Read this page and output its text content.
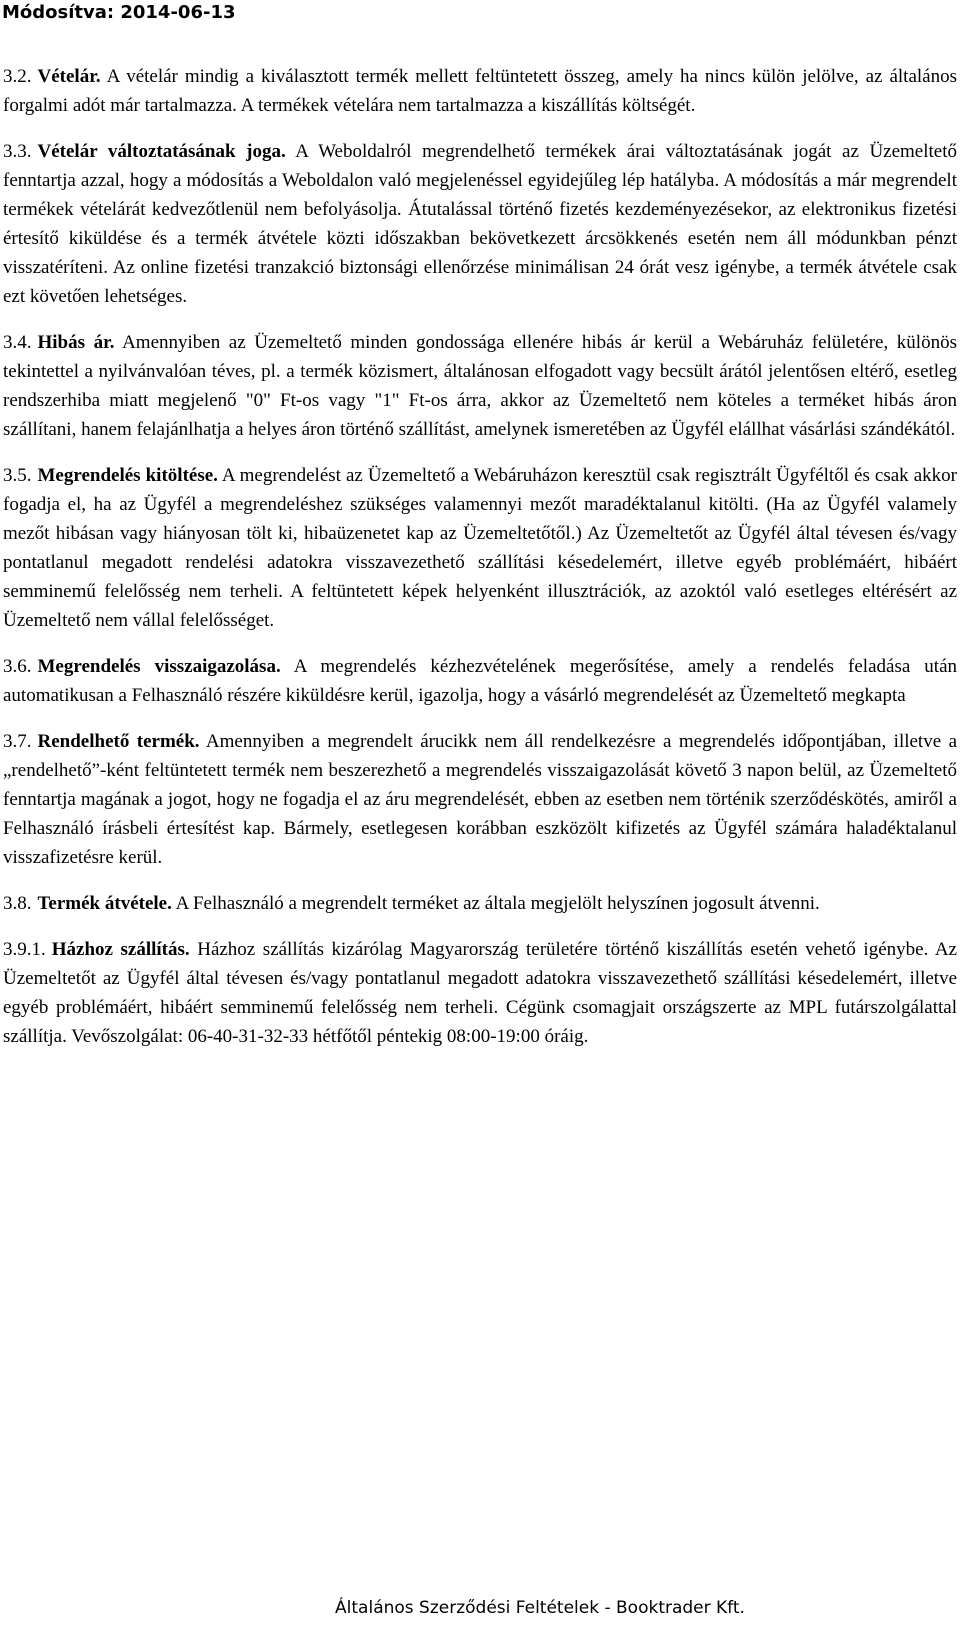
Módosítva: 2014-06-13

3.2. Vételár. A vételár mindig a kiválasztott termék mellett feltüntetett összeg, amely ha nincs külön jelölve, az általános forgalmi adót már tartalmazza. A termékek vételára nem tartalmazza a kiszállítás költségét.

3.3. Vételár változtatásának joga. A Weboldalról megrendelhető termékek árai változtatásának jogát az Üzemeltető fenntartja azzal, hogy a módosítás a Weboldalon való megjelenéssel egyidejűleg lép hatályba. A módosítás a már megrendelt termékek vételárát kedvezőtlenül nem befolyásolja. Átutalással történő fizetés kezdeményezésekor, az elektronikus fizetési értesítő kiküldése és a termék átvétele közti időszakban bekövetkezett árcsökkenés esetén nem áll módunkban pénzt visszatéríteni. Az online fizetési tranzakció biztonsági ellenőrzése minimálisan 24 órát vesz igénybe, a termék átvétele csak ezt követően lehetséges.

3.4. Hibás ár. Amennyiben az Üzemeltető minden gondossága ellenére hibás ár kerül a Webáruház felületére, különös tekintettel a nyilvánvalóan téves, pl. a termék közismert, általánosan elfogadott vagy becsült árától jelentősen eltérő, esetleg rendszerhiba miatt megjelenő "0" Ft-os vagy "1" Ft-os árra, akkor az Üzemeltető nem köteles a terméket hibás áron szállítani, hanem felajánlhatja a helyes áron történő szállítást, amelynek ismeretében az Ügyfél elállhat vásárlási szándékától.

3.5. Megrendelés kitöltése. A megrendelést az Üzemeltető a Webáruházon keresztül csak regisztrált Ügyféltől és csak akkor fogadja el, ha az Ügyfél a megrendeléshez szükséges valamennyi mezőt maradéktalanul kitölti. (Ha az Ügyfél valamely mezőt hibásan vagy hiányosan tölt ki, hibaüzenetet kap az Üzemeltetőtől.) Az Üzemeltetőt az Ügyfél által tévesen és/vagy pontatlanul megadott rendelési adatokra visszavezethető szállítási késedelemért, illetve egyéb problémáért, hibáért semminemű felelősség nem terheli. A feltüntetett képek helyenként illusztrációk, az azoktól való esetleges eltérésért az Üzemeltető nem vállal felelősséget.

3.6. Megrendelés visszaigazolása. A megrendelés kézhezvételének megerősítése, amely a rendelés feladása után automatikusan a Felhasználó részére kiküldésre kerül, igazolja, hogy a vásárló megrendelését az Üzemeltető megkapta

3.7. Rendelhető termék. Amennyiben a megrendelt árucikk nem áll rendelkezésre a megrendelés időpontjában, illetve a „rendelhető”-ként feltüntetett termék nem beszerezhető a megrendelés visszaigazolását követő 3 napon belül, az Üzemeltető fenntartja magának a jogot, hogy ne fogadja el az áru megrendelését, ebben az esetben nem történik szerződéskötés, amiről a Felhasználó írásbeli értesítést kap. Bármely, esetlegesen korábban eszközölt kifizetés az Ügyfél számára haladéktalanul visszafizetésre kerül.

3.8. Termék átvétele. A Felhasználó a megrendelt terméket az általa megjelölt helyszínen jogosult átvenni.

3.9.1. Házhoz szállítás. Házhoz szállítás kizárólag Magyarország területére történő kiszállítás esetén vehető igénybe. Az Üzemeltetőt az Ügyfél által tévesen és/vagy pontatlanul megadott adatokra visszavezethető szállítási késedelemért, illetve egyéb problémáért, hibáért semminemű felelősség nem terheli. Cégünk csomagjait országszerte az MPL futárszolgálattal szállítja. Vevőszolgálat: 06-40-31-32-33 hétfőtől péntekig 08:00-19:00 óráig.

Általános Szerződési Feltételek - Booktrader Kft.
